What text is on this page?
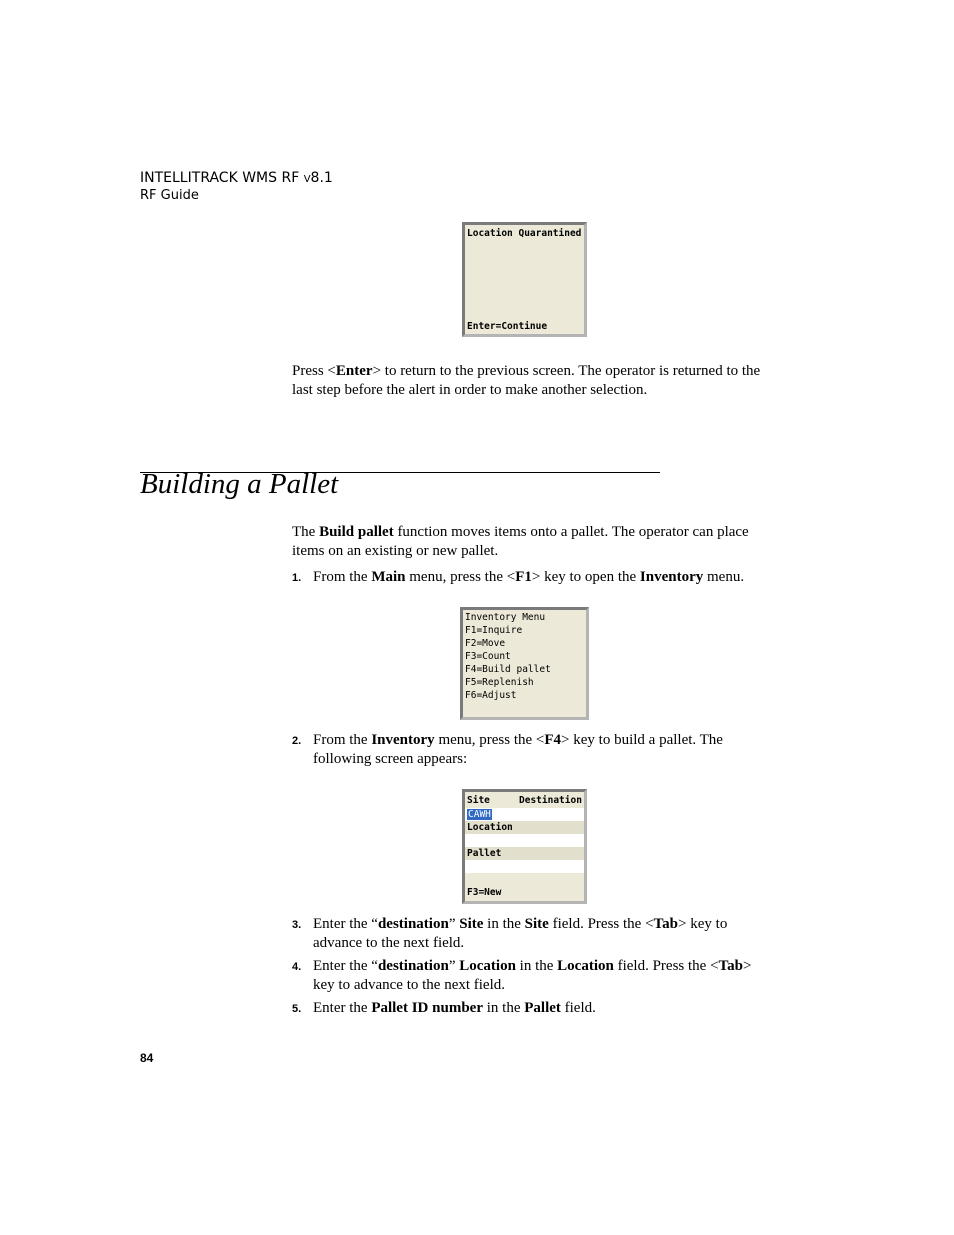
INTELLITRACK WMS RF v8.1
RF Guide
Location Quarantined
Enter=Continue
Press <Enter> to return to the previous screen. The operator is returned to the last step before the alert in order to make another selection.
Building a Pallet
The Build pallet function moves items onto a pallet. The operator can place items on an existing or new pallet.
1. From the Main menu, press the <F1> key to open the Inventory menu.
Inventory Menu
F1=Inquire
F2=Move
F3=Count
F4=Build pallet
F5=Replenish
F6=Adjust
2. From the Inventory menu, press the <F4> key to build a pallet. The following screen appears:
Site	Destination
CAWH
Location
Pallet
F3=New
3. Enter the “destination” Site in the Site field. Press the <Tab> key to advance to the next field.
4. Enter the “destination” Location in the Location field. Press the <Tab> key to advance to the next field.
5. Enter the Pallet ID number in the Pallet field.
84
